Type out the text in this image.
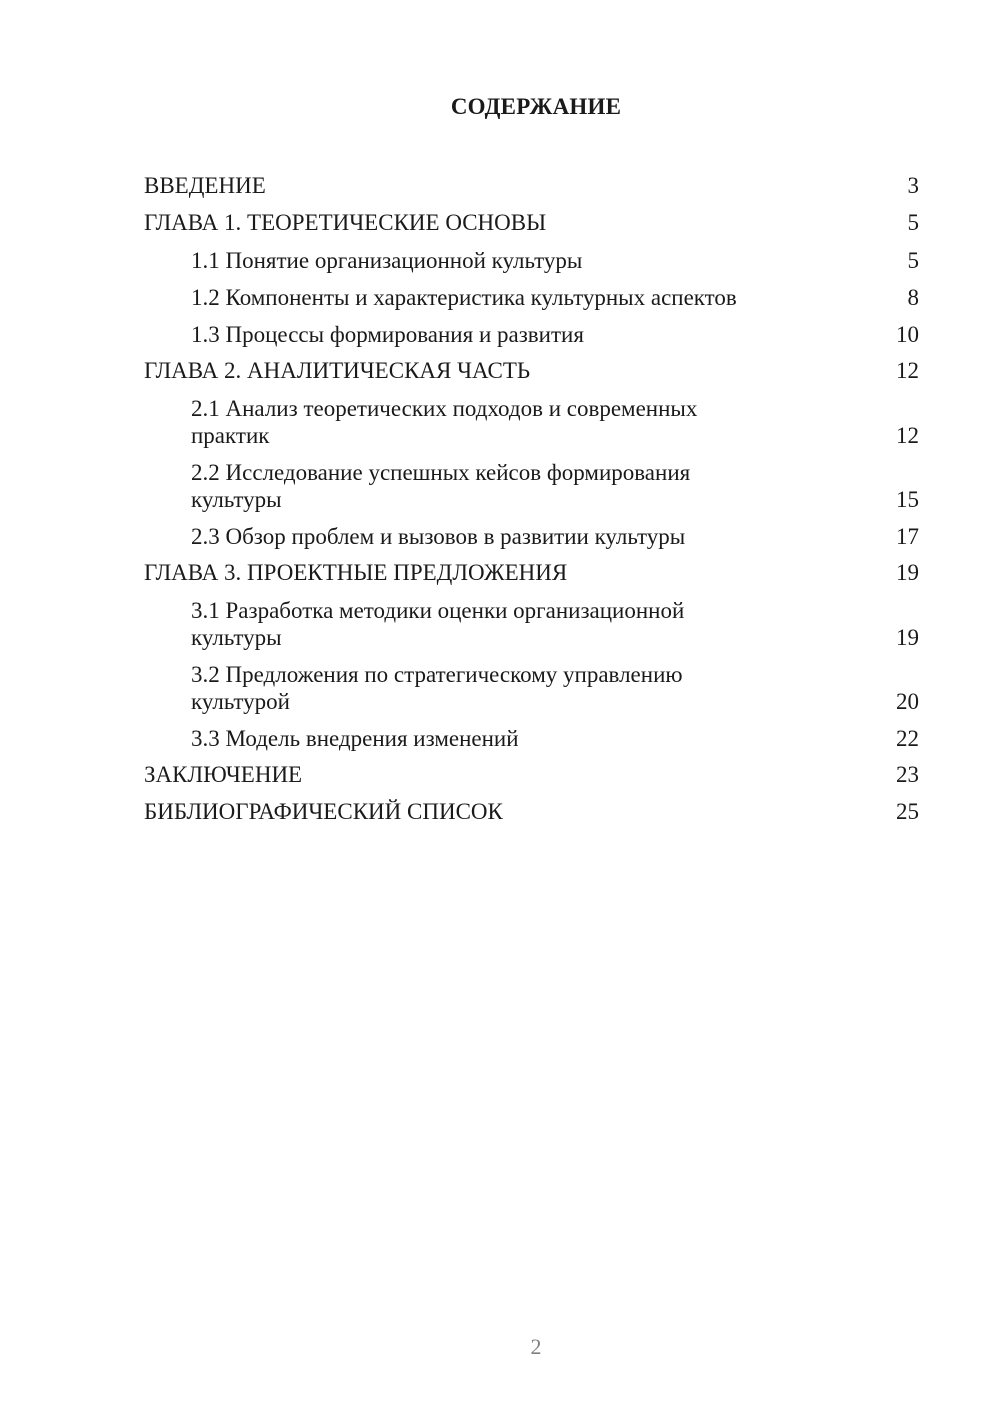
СОДЕРЖАНИЕ
ВВЕДЕНИЕ	3
ГЛАВА 1. ТЕОРЕТИЧЕСКИЕ ОСНОВЫ	5
1.1 Понятие организационной культуры	5
1.2 Компоненты и характеристика культурных аспектов	8
1.3 Процессы формирования и развития	10
ГЛАВА 2. АНАЛИТИЧЕСКАЯ ЧАСТЬ	12
2.1 Анализ теоретических подходов и современных практик	12
2.2 Исследование успешных кейсов формирования культуры	15
2.3 Обзор проблем и вызовов в развитии культуры	17
ГЛАВА 3. ПРОЕКТНЫЕ ПРЕДЛОЖЕНИЯ	19
3.1 Разработка методики оценки организационной культуры	19
3.2 Предложения по стратегическому управлению культурой	20
3.3 Модель внедрения изменений	22
ЗАКЛЮЧЕНИЕ	23
БИБЛИОГРАФИЧЕСКИЙ СПИСОК	25
2
